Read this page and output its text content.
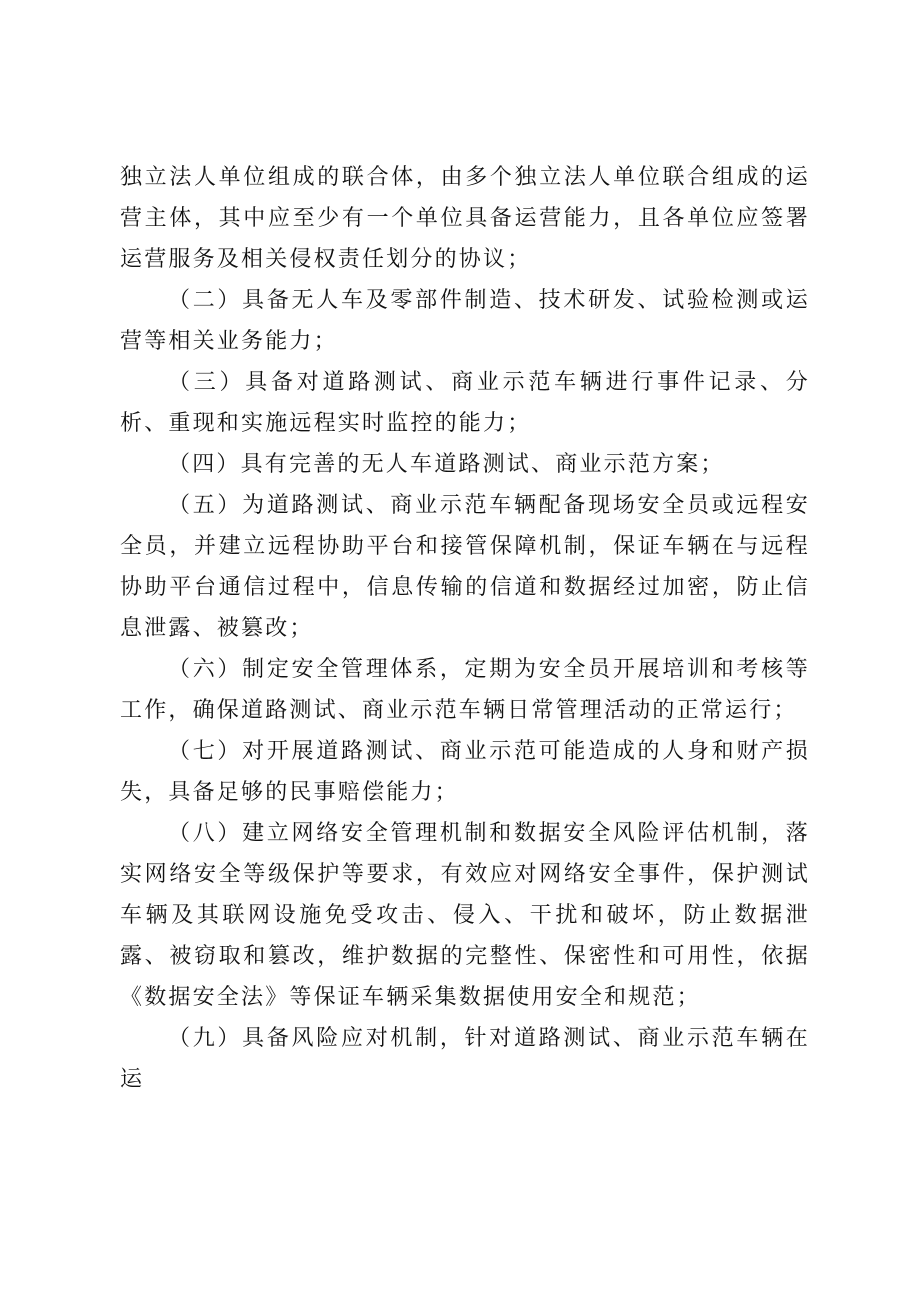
独立法人单位组成的联合体，由多个独立法人单位联合组成的运营主体，其中应至少有一个单位具备运营能力，且各单位应签署运营服务及相关侵权责任划分的协议；

（二）具备无人车及零部件制造、技术研发、试验检测或运营等相关业务能力；

（三）具备对道路测试、商业示范车辆进行事件记录、分析、重现和实施远程实时监控的能力；

（四）具有完善的无人车道路测试、商业示范方案；

（五）为道路测试、商业示范车辆配备现场安全员或远程安全员，并建立远程协助平台和接管保障机制，保证车辆在与远程协助平台通信过程中，信息传输的信道和数据经过加密，防止信息泄露、被篡改；

（六）制定安全管理体系，定期为安全员开展培训和考核等工作，确保道路测试、商业示范车辆日常管理活动的正常运行；

（七）对开展道路测试、商业示范可能造成的人身和财产损失，具备足够的民事赔偿能力；

（八）建立网络安全管理机制和数据安全风险评估机制，落实网络安全等级保护等要求，有效应对网络安全事件，保护测试车辆及其联网设施免受攻击、侵入、干扰和破坏，防止数据泄露、被窃取和篡改，维护数据的完整性、保密性和可用性，依据《数据安全法》等保证车辆采集数据使用安全和规范；

（九）具备风险应对机制，针对道路测试、商业示范车辆在运
